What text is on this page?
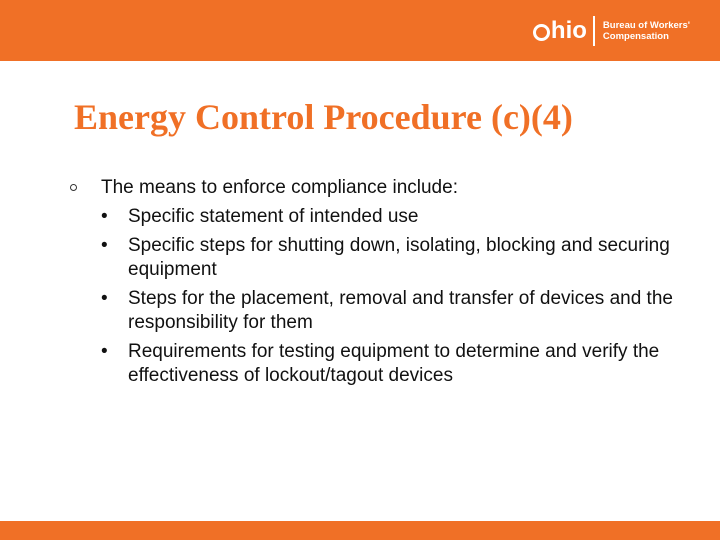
hio Bureau of Workers'
Compensation
Energy Control Procedure (c)(4)
The means to enforce compliance include:
•	Specific statement of intended use
•	Specific steps for shutting down, isolating, blocking and securing equipment
•	Steps for the placement, removal and transfer of devices and the responsibility for them
•	Requirements for testing equipment to determine and verify the effectiveness of lockout/tagout devices
